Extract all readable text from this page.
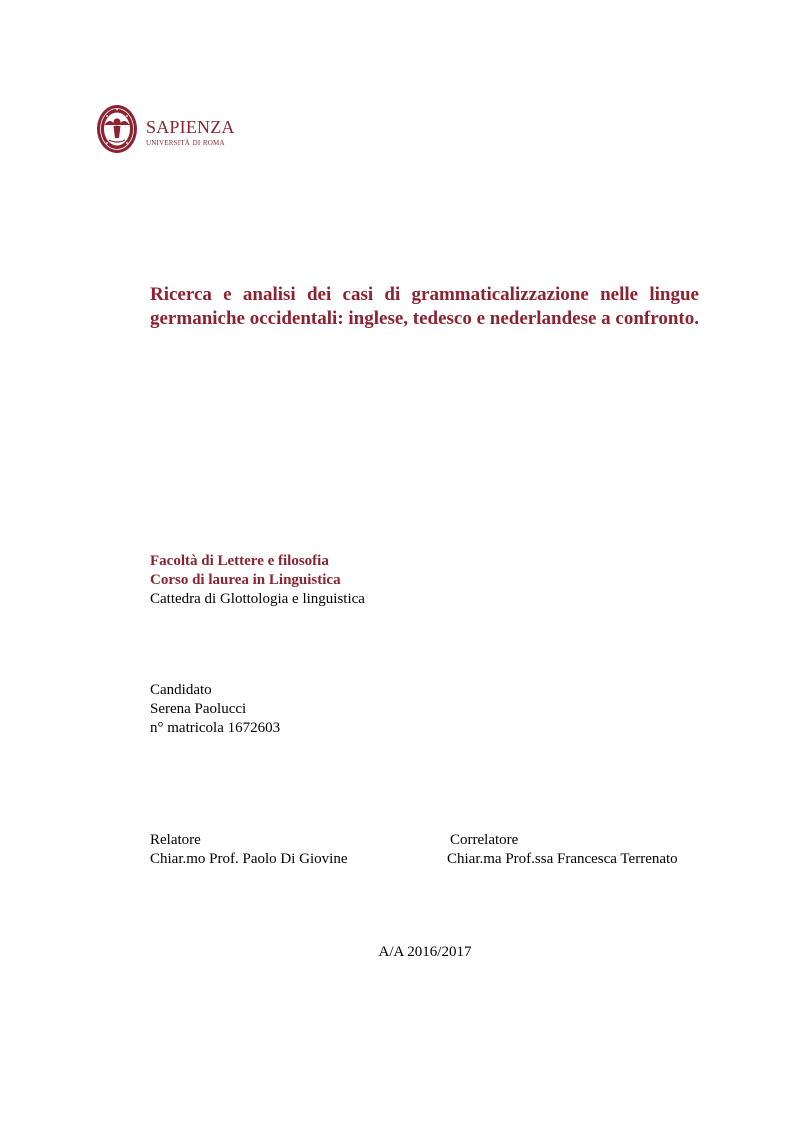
sapienza
università di roma
Ricerca e analisi dei casi di grammaticalizzazione nelle lingue germaniche occidentali: inglese, tedesco e nederlandese a confronto.
Facoltà di Lettere e filosofia
Corso di laurea in Linguistica
Cattedra di Glottologia e linguistica
Candidato
Serena Paolucci
n° matricola 1672603
Relatore
Chiar.mo Prof. Paolo Di Giovine
Correlatore
Chiar.ma Prof.ssa Francesca Terrenato
A/A 2016/2017
